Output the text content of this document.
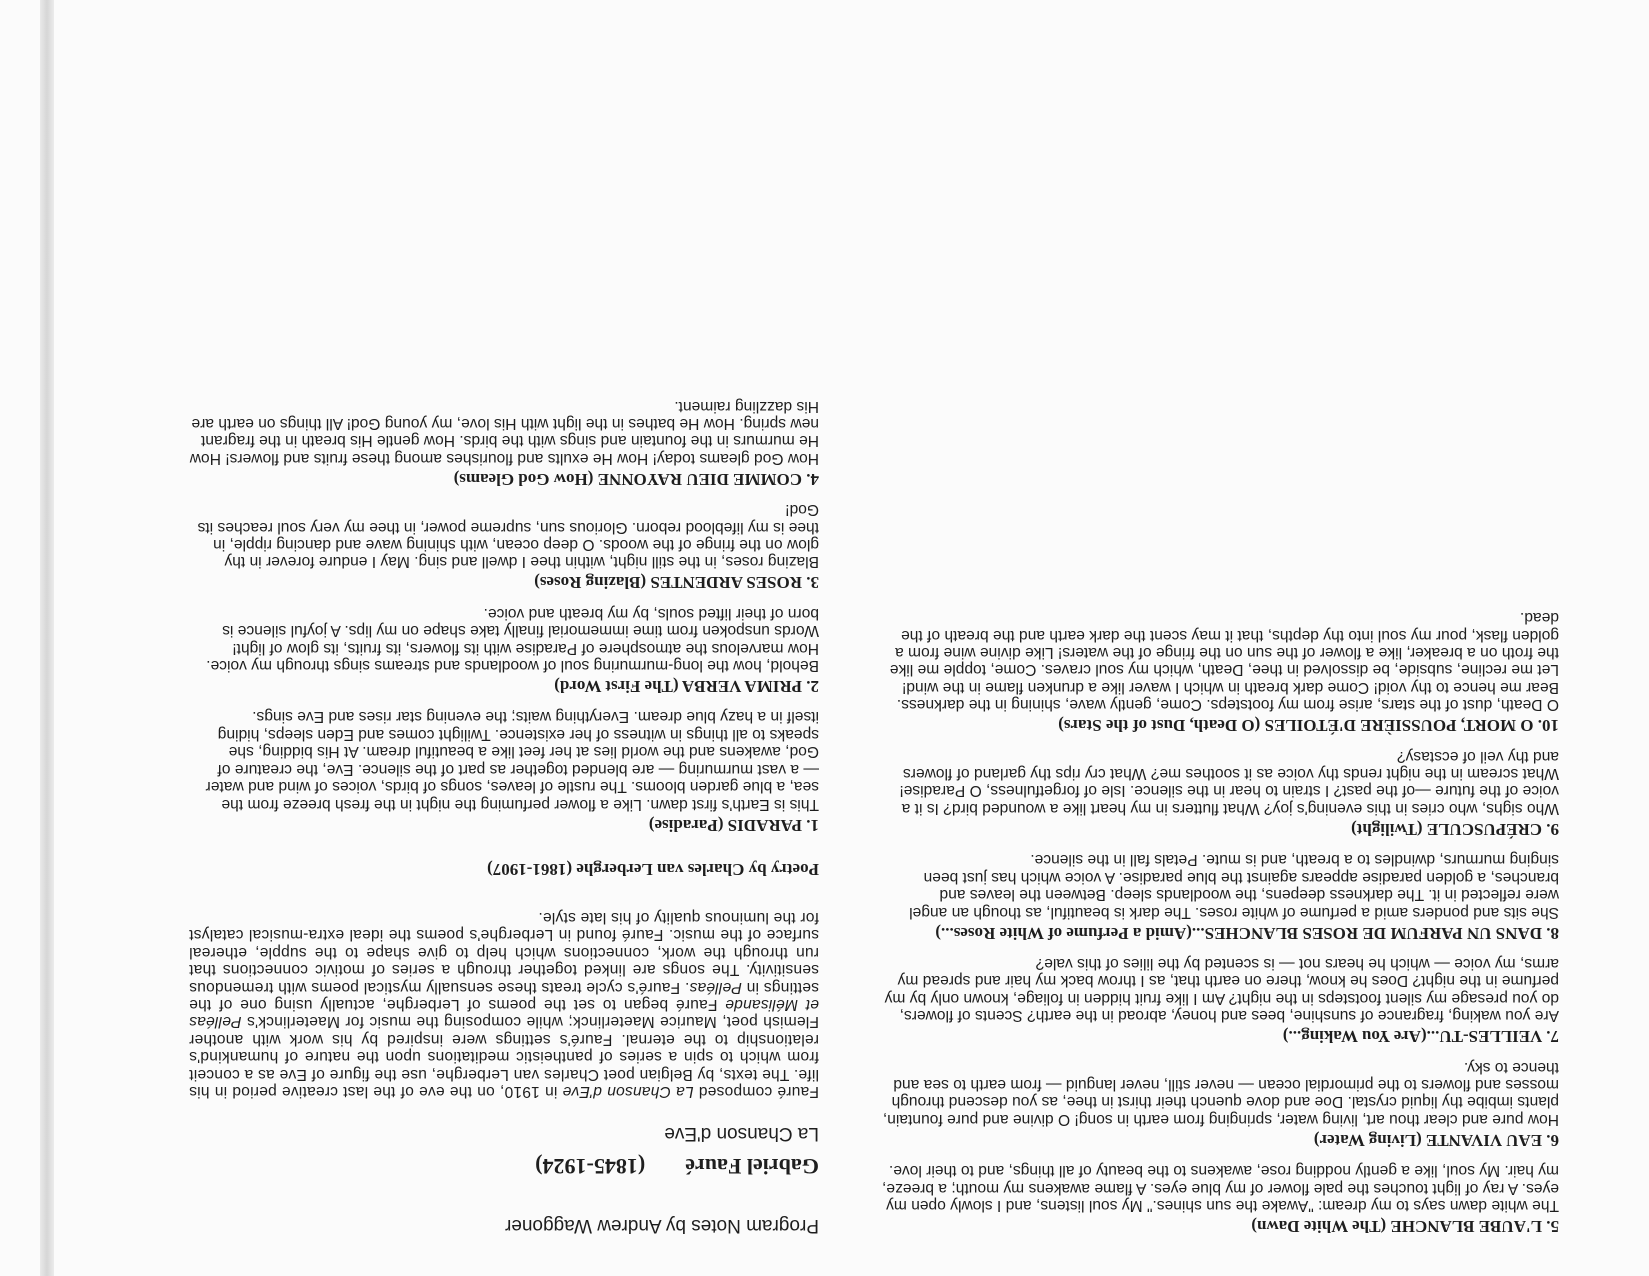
Program Notes by Andrew Waggoner
Gabriel Fauré(1845-1924)
La Chanson d'Eve

Fauré composed La Chanson d'Eve in 1910, on the eve of the last creative period in his life. The texts, by Belgian poet Charles van Lerberghe, use the figure of Eve as a conceit from which to spin a series of pantheistic meditations upon the nature of humankind's relationship to the eternal. Fauré's settings were inspired by his work with another Flemish poet, Maurice Maeterlinck; while composing the music for Maeterlinck's Pelléas et Mélisande Fauré began to set the poems of Lerberghe, actually using one of the settings in Pelléas. Fauré's cycle treats these sensually mystical poems with tremendous sensitivity. The songs are linked together through a series of motivic connections that run through the work, connections which help to give shape to the supple, ethereal surface of the music. Fauré found in Lerberghe's poems the ideal extra-musical catalyst for the luminous quality of his late style.

Poetry by Charles van Lerberghe (1861-1907)
1. PARADIS (Paradise)

This is Earth's first dawn. Like a flower perfuming the night in the fresh breeze from the sea, a blue garden blooms. The rustle of leaves, songs of birds, voices of wind and water — a vast murmuring — are blended together as part of the silence. Eve, the creature of God, awakens and the world lies at her feet like a beautiful dream. At His bidding, she speaks to all things in witness of her existence. Twilight comes and Eden sleeps, hiding itself in a hazy blue dream. Everything waits; the evening star rises and Eve sings.

2. PRIMA VERBA (The First Word)

Behold, how the long-murmuring soul of woodlands and streams sings through my voice. How marvelous the atmosphere of Paradise with its flowers, its fruits, its glow of light! Words unspoken from time immemorial finally take shape on my lips. A joyful silence is born of their lifted souls, by my breath and voice.

3. ROSES ARDENTES (Blazing Roses)

Blazing roses, in the still night, within thee I dwell and sing. May I endure forever in thy glow on the fringe of the woods. O deep ocean, with shining wave and dancing ripple, in thee is my lifeblood reborn. Glorious sun, supreme power, in thee my very soul reaches its God!

4. COMME DIEU RAYONNE (How God Gleams)

How God gleams today! How He exults and flourishes among these fruits and flowers! How He murmurs in the fountain and sings with the birds. How gentle His breath in the fragrant new spring. How He bathes in the light with His love, my young God! All things on earth are His dazzling raiment.

5. L'AUBE BLANCHE (The White Dawn)

The white dawn says to my dream: "Awake the sun shines." My soul listens, and I slowly open my eyes. A ray of light touches the pale flower of my blue eyes. A flame awakens my mouth; a breeze, my hair. My soul, like a gently nodding rose, awakens to the beauty of all things, and to their love.

6. EAU VIVANTE (Living Water)

How pure and clear thou art, living water, springing from earth in song! O divine and pure fountain, plants imbibe thy liquid crystal. Doe and dove quench their thirst in thee, as you descend through mosses and flowers to the primordial ocean — never still, never languid — from earth to sea and thence to sky.

7. VEILLES-TU...(Are You Waking...)

Are you waking, fragrance of sunshine, bees and honey, abroad in the earth? Scents of flowers, do you presage my silent footsteps in the night? Am I like fruit hidden in foliage, known only by my perfume in the night? Does he know, there on earth that, as I throw back my hair and spread my arms, my voice — which he hears not — is scented by the lilies of this vale?

8. DANS UN PARFUM DE ROSES BLANCHES...(Amid a Perfume of White Roses...)

She sits and ponders amid a perfume of white roses. The dark is beautiful, as though an angel were reflected in it. The darkness deepens, the woodlands sleep. Between the leaves and branches, a golden paradise appears against the blue paradise. A voice which has just been singing murmurs, dwindles to a breath, and is mute. Petals fall in the silence.

9. CRÉPUSCULE (Twilight)

Who sighs, who cries in this evening's joy? What flutters in my heart like a wounded bird? Is it a voice of the future —of the past? I strain to hear in the silence. Isle of forgetfulness, O Paradise! What scream in the night rends thy voice as it soothes me? What cry rips thy garland of flowers and thy veil of ecstasy?

10. O MORT, POUSSIÈRE D'ÉTOILES (O Death, Dust of the Stars)

O Death, dust of the stars, arise from my footsteps. Come, gently wave, shining in the darkness. Bear me hence to thy void! Come dark breath in which I waver like a drunken flame in the wind! Let me recline, subside, be dissolved in thee, Death, which my soul craves. Come, topple me like the froth on a breaker, like a flower of the sun on the fringe of the waters! Like divine wine from a golden flask, pour my soul into thy depths, that it may scent the dark earth and the breath of the dead.
